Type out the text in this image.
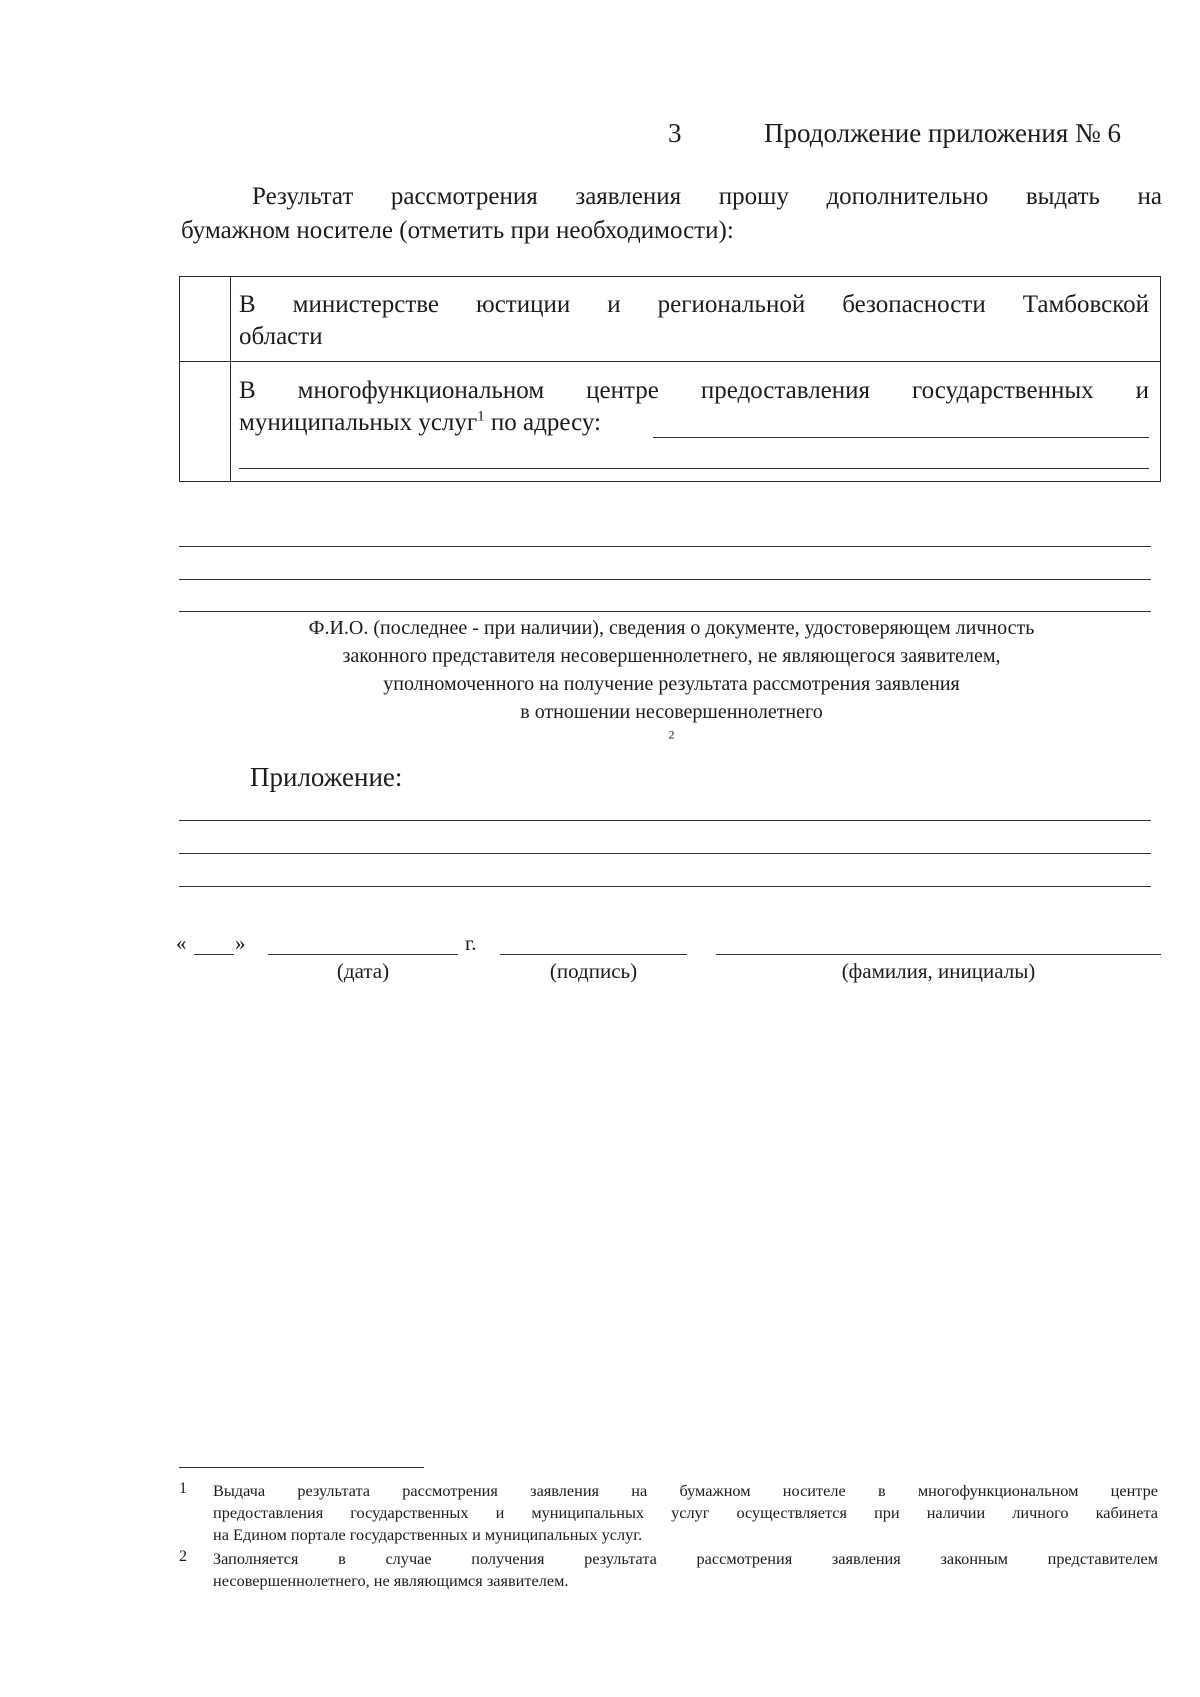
3	Продолжение приложения № 6
Результат рассмотрения заявления прошу дополнительно выдать на
бумажном носителе (отметить при необходимости):
В министерстве юстиции и региональной безопасности Тамбовской
области
В многофункциональном центре предоставления государственных и
муниципальных услуг$^1$ по адресу:
Ф.И.О. (последнее - при наличии), сведения о документе, удостоверяющем личность
законного представителя несовершеннолетнего, не являющегося заявителем,
уполномоченного на получение результата рассмотрения заявления
в отношении несовершеннолетнего
$^2$
Приложение:
« »	г.
(дата)	(подпись)	(фамилия, инициалы)
1 Выдача результата рассмотрения заявления на бумажном носителе в многофункциональном центре
предоставления государственных и муниципальных услуг осуществляется при наличии личного кабинета
на Едином портале государственных и муниципальных услуг.
2 Заполняется в случае получения результата рассмотрения заявления законным представителем
несовершеннолетнего, не являющимся заявителем.
